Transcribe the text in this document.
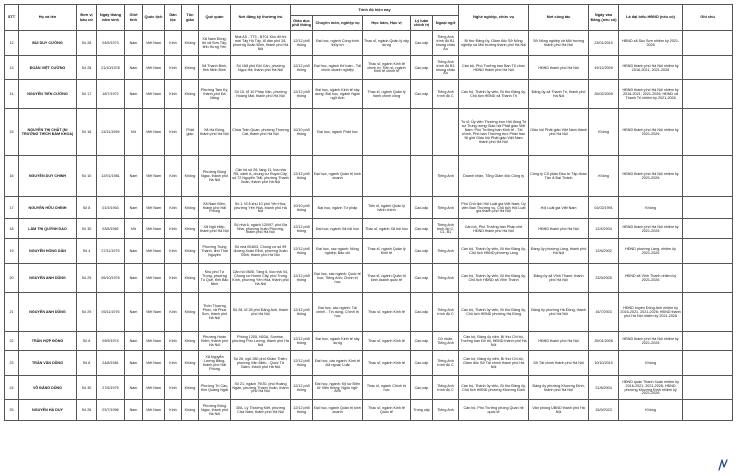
STT	Họ và tên	Đơn vị bầu cử	Ngày tháng năm sinh	Giới tính	Quốc tịch	Dân tộc	Tôn giáo	Quê quán	Nơi đăng ký thường trú	Trình độ hiện nay					Nghề nghiệp, chức vụ	Nơi công tác	Ngày vào Đảng (nếu có)	Là đại biểu HĐND (nếu có)	Ghi chú
										Giáo dục phổ thông	Chuyên môn, nghiệp vụ	Học hàm, Học vị	Lý luận chính trị	Ngoại ngữ					
12	BÙI DUY CƯỜNG	Số 28	04/5/1973	Nam	Việt Nam	Kinh	Không	Xã Nam Đồng, thị xã Sơn Tây, tỉnh Hưng Yên	Nhà A5 - TT3 - BT01 Khu đô thị mới Tây Hồ Tây, tổ dân phố 28, phường Xuân Đỉnh, thành phố Hà Nội	12/12 phổ thông	Đại học, ngành Công trình thủy lợi	Thạc sĩ, ngành Quản lý xây dựng	Cao cấp	Tiếng Anh trình độ B1 khung châu Âu	Bí thư Đảng ủy, Giám đốc Sở Nông nghiệp và Môi trường thành phố Hà Nội	Sở Nông nghiệp và Môi trường thành phố Hà Nội	23/01/2010	HĐND xã Sóc Sơn nhiệm kỳ 2021-2026	
13	ĐOÀN VIỆT CƯỜNG	Số 28	21/10/1978	Nam	Việt Nam	Kinh	Không	Xã Thanh Bình, tỉnh Ninh Bình	Số 168 phố Đội Cấn, phường Ngọc Hà, thành phố Hà Nội	12/12 phổ thông	Đại học, ngành Kế toán - Tài chính doanh nghiệp	Thạc sĩ, ngành Kinh tế chính trị; Tiến sĩ, ngành Kinh tế chính trị	Cao cấp	Tiếng Anh trình độ B1 khung châu Âu	Cán bộ, Phó Trưởng ban Ban Tổ chức HĐND thành phố Hà Nội	HĐND thành phố Hà Nội	19/12/2009	HĐND thành phố Hà Nội nhiệm kỳ 2016-2021, 2021-2026	
14	NGUYỄN TIẾN CƯỜNG	Số 17	18/7/1972	Nam	Việt Nam	Kinh	Không	Phường Tam Kỳ, thành phố Đà Nẵng	Số 10, tổ 10 Pháp Vân, phường Hoàng Mai, thành phố Hà Nội	12/12 phổ thông	Đại học, ngành Kinh tế xây dựng; Đại học, ngành Ngôn ngữ Anh	Thạc sĩ, ngành Quản lý hành chính công	Cao cấp	Tiếng Anh trình độ C	Cán bộ, Thành ủy viên, Bí thư Đảng ủy, Chủ tịch HĐND xã Thanh Trì	Đảng ủy xã Thanh Trì, thành phố Hà Nội	26/02/2005	HĐND thành phố Hà Nội nhiệm kỳ 2016-2021, 2021-2026; HĐND xã Thanh Trì nhiệm kỳ 2021-2026	
15	NGUYỄN THỊ CHẤT (NI TRƯỞNG THÍCH ĐÀM KHOA)	Số 16	24/11/1959	Nữ	Việt Nam	Kinh	Phật giáo	Xã Hà Đông, thành phố Hà Nội	Chùa Trấn Quan, phường Thượng Cát, thành phố Hà Nội	10/10 phổ thông	Đại học, ngành Phật học				Tu sĩ; Ủy viên Thường trực Hội đồng Trị sự Trung ương Giáo hội Phật giáo Việt Nam; Phó Trưởng ban Kinh tế - Tài chính, Phó ban Thường trực Phân ban Ni giới Giáo hội Phật giáo Việt Nam thành phố Hà Nội	Giáo hội Phật giáo Việt Nam thành phố Hà Nội	Không	HĐND thành phố Hà Nội nhiệm kỳ 2021-2026	
16	NGUYỄN DUY CHINH	Số 10	12/01/1981	Nam	Việt Nam	Kinh	Không	Phường Đông Ngạc, thành phố Hà Nội	Căn hộ số 26, tầng 11, tòa nhà R5, cảnh A, chung cư Royal City, số 72 Nguyễn Trãi, phường Thanh Xuân, thành phố Hà Nội	12/12 phổ thông	Đại học, ngành Quản trị kinh doanh			Tiếng Anh	Doanh nhân, Tổng Giám đốc Công ty	Công ty Cổ phần Đầu tư Tập đoàn Tân Á Đại Thành	Không	HĐND thành phố Hà Nội nhiệm kỳ 2021-2026	
17	NGUYỄN HỮU CHÍNH	Số 8	01/3/1963	Nam	Việt Nam	Kinh	Không	Xã Nam Điền, thành phố Hải Phòng	Số 1, tổ 8 khu 10 phố Yên Hòa, phường Yên Hòa, thành phố Hà Nội	10/10 phổ thông	Đại học, ngành Tư pháp	Tiến sĩ, ngành Quản lý hành chính	Cao cấp	Tiếng Anh	Phó Chủ tịch Hội Luật gia Việt Nam; Ủy viên Ban Thường vụ, Chủ tịch Hội Luật gia thành phố Hà Nội	Hội Luật gia Việt Nam	01/02/1991	Không	
18	LÂM THỊ QUỲNH DAO	Số 30	03/8/1982	Nữ	Việt Nam	Kinh	Không	Xã Ngũ Hiệp, thành phố Hà Nội	Số nhà 6, ngách 120/97, phố Đa Nha, phường Xuân Phương, thành phố Hà Nội	12/12 phổ thông	Đại học, ngành Xã hội học	Thạc sĩ, ngành Xã hội học	Cao cấp	Tiếng Anh trình độ C, C1, B1	Cán bộ, Phó Trưởng ban Pháp chế HĐND thành phố Hà Nội	HĐND thành phố Hà Nội	12/4/2004	HĐND thành phố Hà Nội nhiệm kỳ 2021-2026	
19	NGUYỄN HỒNG DÂN	Số 4	27/11/1975	Nam	Việt Nam	Kinh	Không	Phường Trung Thành, tỉnh Thái Nguyên	Số nhà B1603, Chung cư số 99 đường Xuân Đỉnh, phường Xuân Đỉnh, thành phố Hà Nội	12/12 phổ thông	Đại học, các ngành: Nông nghiệp; Bảo chí	Thạc sĩ, ngành Quản lý Kinh tế	Cao cấp	Tiếng Anh	Cán bộ, Thành ủy viên, Bí thư Đảng ủy, Chủ tịch HĐND phường Láng	Đảng ủy phường Láng, thành phố Hà Nội	12/6/2002	HĐND phường Láng, nhiệm kỳ 2021-2026	
20	NGUYỄN ANH DŨNG	Số 29	06/10/1976	Nam	Việt Nam	Kinh	Không	Khu phố Tự Trọng, phường Tú Quế, tỉnh Bắc Ninh	Căn hộ 0606, Tầng 6, tòa nhà V4, Chung cư Home City, phố Trung Kính, phường Yên Hòa, thành phố Hà Nội	12/12 phổ thông	Đại học, các ngành: Quốc tế học; Tiếng Anh; Chính trị học	Thạc sĩ, ngành Quản trị kinh doanh quốc tế	Cao cấp	Tiếng Anh	Cán bộ, Thành ủy viên, Bí thư Đảng ủy, Chủ tịch HĐND xã Vĩnh Thanh	Đảng ủy xã Vĩnh Thanh, thành phố Hà Nội	23/9/2005	HĐND xã Vĩnh Thanh nhiệm kỳ 2021-2026	
21	NGUYỄN ANH DŨNG	Số 29	05/11/1976	Nam	Việt Nam	Kinh	Không	Thôn Thượng Phúc, xã Phúc Sơn, thành phố Hà Nội	Số 28, tổ 28 phố Đặng Anh, thành phố Hà Nội	12/12 phổ thông	Đại học, các ngành: Tài chính - Tín dụng, Chính trị học	Thạc sĩ, ngành Kinh tế	Cao cấp	Tiếng Anh trình độ C	Cán bộ, Thành ủy viên, Bí thư Đảng ủy, Chủ tịch HĐND phường Hà Đông	Đảng ủy phường Hà Đông, thành phố Hà Nội	16/7/2003	HĐND huyện Đông Anh nhiệm kỳ 2016-2021, 2021-2026; HĐND thành phố Hà Nội nhiệm kỳ 2021-2026	
22	TRẦN HỢP ĐÔNG	Số 8	09/9/1974	Nam	Việt Nam	Kinh	Không	Phường Hoàn Kiếm, thành phố Hà Nội	Phòng 1205, N03A, Sunrise, phường Phú Lương, thành phố Hà Nội	12/12 phổ thông	Đại học, ngành Kinh tế xây dựng	Thạc sĩ, ngành Kinh tế	Cao cấp	Cử nhân, Tiếng Anh	Cán bộ, Đảng ủy viên, Bí thư Chi bộ, Trưởng ban Đô thị, HĐND thành phố Hà Nội	HĐND thành phố Hà Nội	25/01/2006	HĐND thành phố Hà Nội nhiệm kỳ 2021-2026	
23	TRẦN VĂN DŨNG	Số 8	24/8/1981	Nam	Việt Nam	Kinh	Không	Xã Nguyễn Lương Bằng, thành phố Hải Phòng	Số 26, ngõ 280 phố Khâm Thiên, phường Văn Miếu - Quốc Tử Giám, thành phố Hà Nội	12/12 phổ thông	Đại học, các ngành: Kinh tế đối ngoại; Luật	Thạc sĩ, ngành Kinh tế	Cao cấp	Tiếng Anh trình độ C	Cán bộ, Đảng ủy viên, Bí thư Chi bộ, Giám đốc Sở Tài chính thành phố Hà Nội	Sở Tài chính thành phố Hà Nội	10/10/2010	Không	
24	VÕ ĐĂNG DŨNG	Số 30	27/6/1975	Nam	Việt Nam	Kinh	Không	Phường Trí Cầu, tỉnh Quảng Ngãi	Số 21, ngách 79/30, phố Hoàng Ngân, phường Thanh Xuân, thành phố Hà Nội	12/12 phổ thông	Đại học, ngành: Kỹ sư Điện tử Viễn thông; Ngôn ngữ Anh	Thạc sĩ, ngành Chính trị học	Cao cấp	Tiếng Anh trình độ C	Cán bộ, Thành ủy viên, Bí thư Đảng ủy, Chủ tịch HĐND phường Khương Đình	Đảng ủy phường Khương Đình, thành phố Hà Nội	21/8/2004	HĐND quận Thanh Xuân nhiệm kỳ 2016-2021, 2021-2026; HĐND phường Khương Đình nhiệm kỳ 2021-2026	
25	NGUYỄN HÀ DUY	Số 26	03/7/1996	Nam	Việt Nam	Kinh	Không	Phường Đông Ngạc, thành phố Hà Nội	30A, Lý Thường Kiệt, phường Cửa Nam, thành phố Hà Nội	12/12 phổ thông	Đại học, ngành Quản trị kinh doanh	Thạc sĩ, ngành Kinh tế Quốc tế	Trung cấp	Tiếng Anh	Cán bộ, Phó Trưởng phòng Quan hệ quốc tế	Văn phòng UBND thành phố Hà Nội	15/9/2023	Không	
